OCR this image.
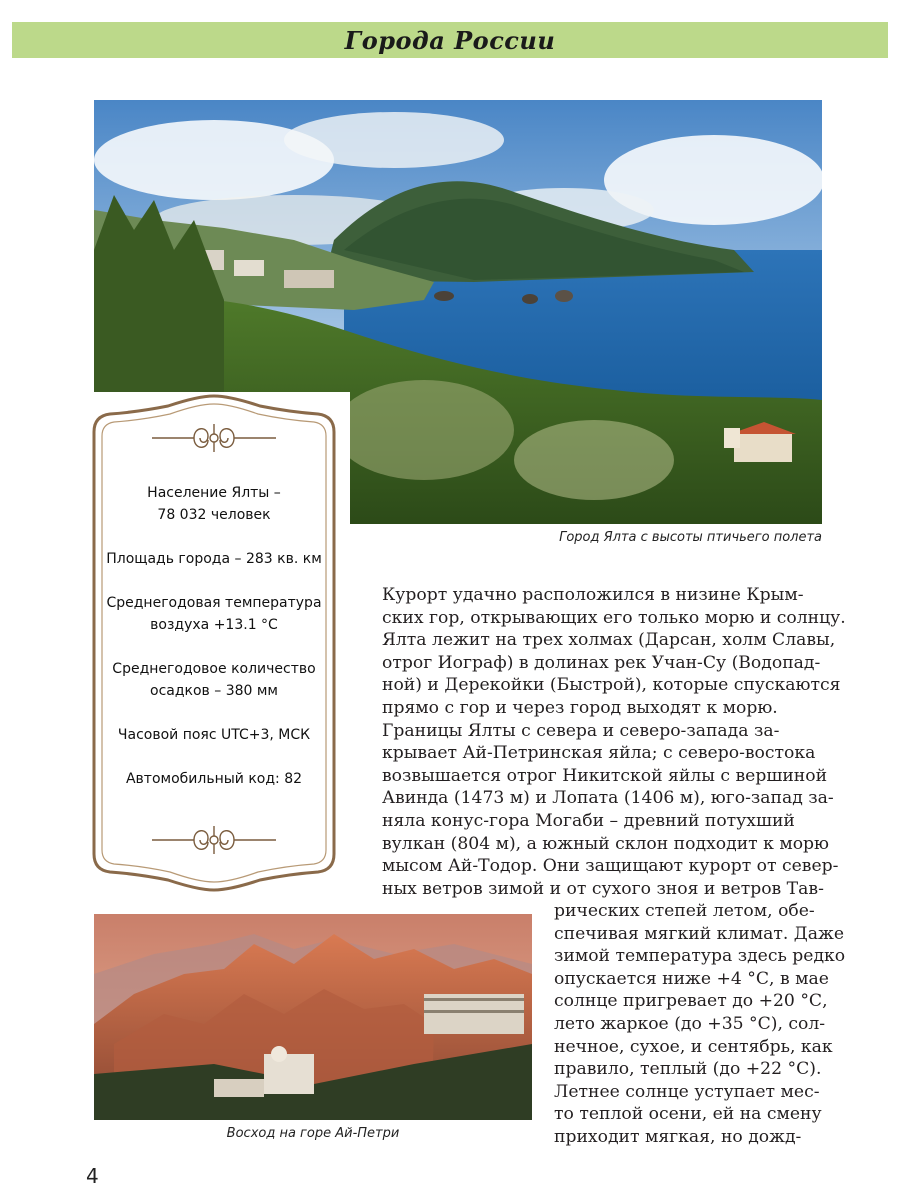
Города России
Город Ялта с высоты птичьего полета
Население Ялты –
78 032 человек
Площадь города – 283 кв. км
Среднегодовая температура
воздуха +13.1 °С
Среднегодовое количество
осадков – 380 мм
Часовой пояс UTC+3, МСК
Автомобильный код: 82
Курорт удачно расположился в низине Крым-
ских гор, открывающих его только морю и солнцу.
Ялта лежит на трех холмах (Дарсан, холм Славы,
отрог Иограф) в долинах рек Учан-Су (Водопад-
ной) и Дерекойки (Быстрой), которые спускаются
прямо с гор и через город выходят к морю.
Границы Ялты с севера и северо-запада за-
крывает Ай-Петринская яйла; с северо-востока
возвышается отрог Никитской яйлы с вершиной
Авинда (1473 м) и Лопата (1406 м), юго-запад за-
няла конус-гора Могаби – древний потухший
вулкан (804 м), а южный склон подходит к морю
мысом Ай-Тодор. Они защищают курорт от север-
ных ветров зимой и от сухого зноя и ветров Тав-
Восход на горе Ай-Петри
рических степей летом, обе-
спечивая мягкий климат. Даже
зимой температура здесь редко
опускается ниже +4 °С, в мае
солнце пригревает до +20 °С,
лето жаркое (до +35 °С), сол-
нечное, сухое, и сентябрь, как
правило, теплый (до +22 °С).
Летнее солнце уступает мес-
то теплой осени, ей на смену
приходит мягкая, но дожд-
4
